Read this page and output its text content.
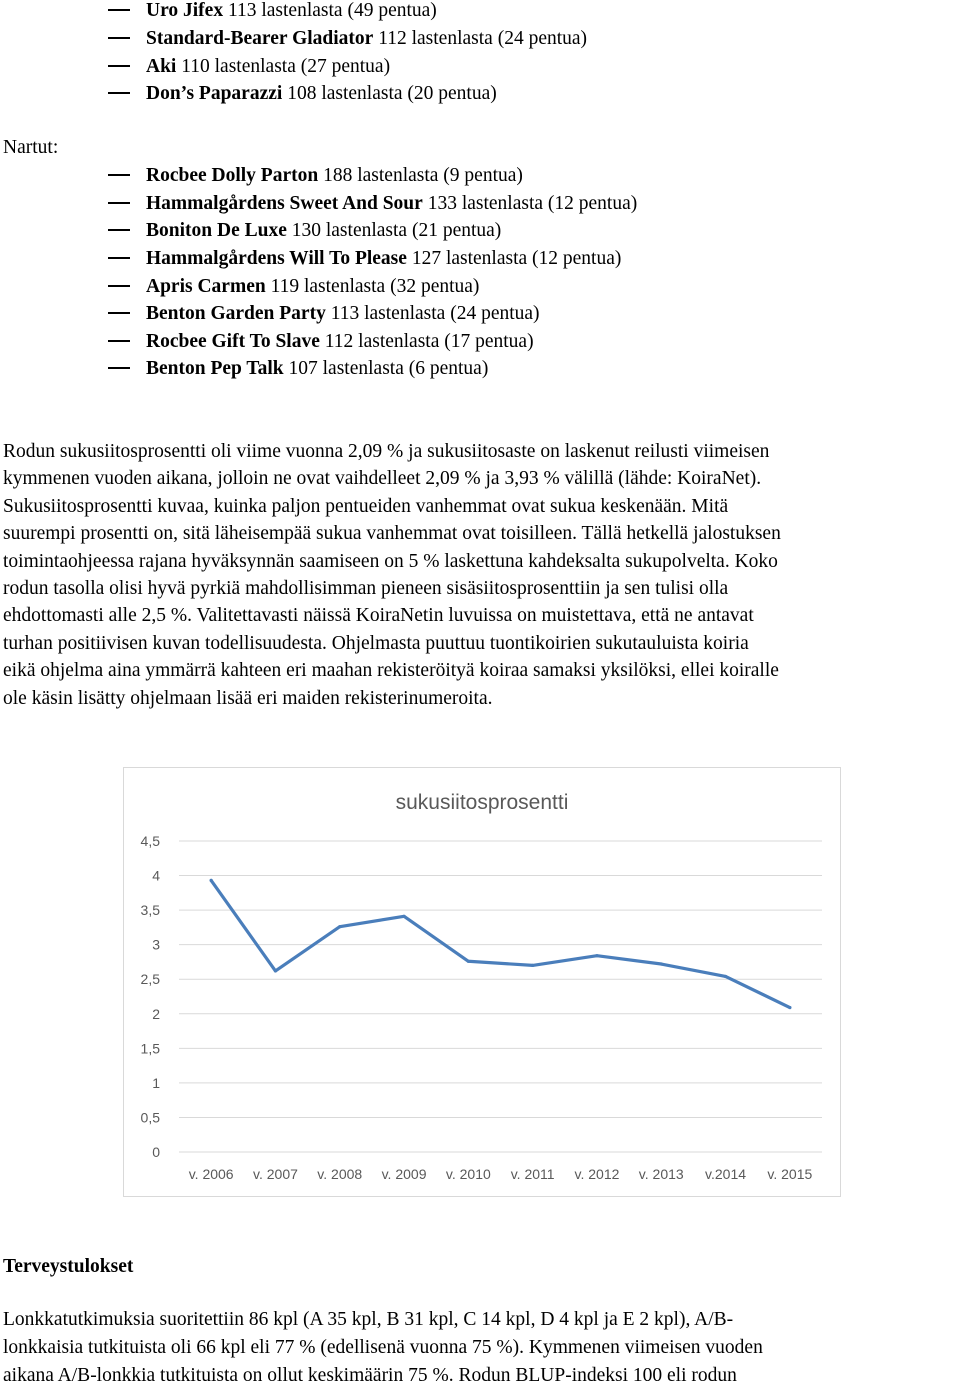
Uro Jifex 113 lastenlasta (49 pentua)
Standard-Bearer Gladiator 112 lastenlasta (24 pentua)
Aki 110 lastenlasta (27 pentua)
Don’s Paparazzi 108 lastenlasta (20 pentua)
Nartut:
Rocbee Dolly Parton 188 lastenlasta (9 pentua)
Hammalgårdens Sweet And Sour 133 lastenlasta (12 pentua)
Boniton De Luxe 130 lastenlasta (21 pentua)
Hammalgårdens Will To Please 127 lastenlasta (12 pentua)
Apris Carmen 119 lastenlasta (32 pentua)
Benton Garden Party 113 lastenlasta (24 pentua)
Rocbee Gift To Slave 112 lastenlasta (17 pentua)
Benton Pep Talk 107 lastenlasta (6 pentua)
Rodun sukusiitosprosentti oli viime vuonna 2,09 % ja sukusiitosaste on laskenut reilusti viimeisen
kymmenen vuoden aikana, jolloin ne ovat vaihdelleet 2,09 % ja 3,93 % välillä (lähde: KoiraNet).
Sukusiitosprosentti kuvaa, kuinka paljon pentueiden vanhemmat ovat sukua keskenään. Mitä
suurempi prosentti on, sitä läheisempää sukua vanhemmat ovat toisilleen. Tällä hetkellä jalostuksen
toimintaohjeessa rajana hyväksynnän saamiseen on 5 % laskettuna kahdeksalta sukupolvelta. Koko
rodun tasolla olisi hyvä pyrkiä mahdollisimman pieneen sisäsiitosprosenttiin ja sen tulisi olla
ehdottomasti alle 2,5 %. Valitettavasti näissä KoiraNetin luvuissa on muistettava, että ne antavat
turhan positiivisen kuvan todellisuudesta. Ohjelmasta puuttuu tuontikoirien sukutauluista koiria
eikä ohjelma aina ymmärrä kahteen eri maahan rekisteröityä koiraa samaksi yksilöksi, ellei koiralle
ole käsin lisätty ohjelmaan lisää eri maiden rekisterinumeroita.
sukusiitosprosentti
0
0,5
1
1,5
2
2,5
3
3,5
4
4,5
v. 2006 v. 2007 v. 2008 v. 2009 v. 2010 v. 2011 v. 2012 v. 2013 v.2014 v. 2015
Terveystulokset
Lonkkatutkimuksia suoritettiin 86 kpl (A 35 kpl, B 31 kpl, C 14 kpl, D 4 kpl ja E 2 kpl), A/B-
lonkkaisia tutkituista oli 66 kpl eli 77 % (edellisenä vuonna 75 %). Kymmenen viimeisen vuoden
aikana A/B-lonkkia tutkituista on ollut keskimäärin 75 %. Rodun BLUP-indeksi 100 eli rodun
